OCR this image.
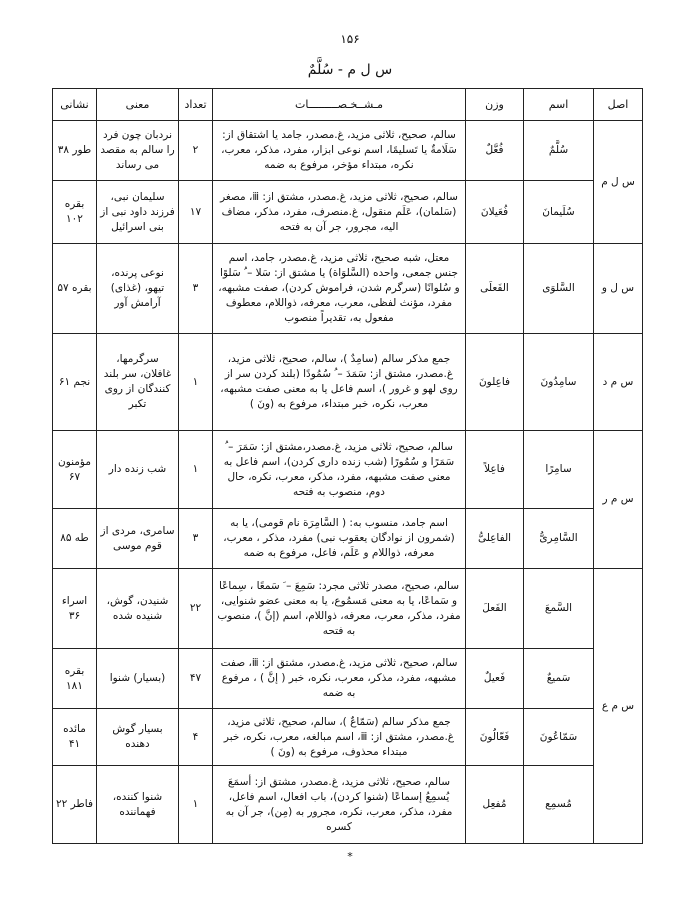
۱۵۶
س ل م - سُلَّمٌ
اصل	اسم	وزن	مـشــخـصـــــــــات	تعداد	معنی	نشانی
س ل م	سُلَّمٌ	فُعَّلٌ	سالم، صحیح، ثلاثی مزید، غ.مصدر، جامد یا اشتقاق از: سَلَامةٌ یا تَسلیمًا، اسم نوعی ابزار، مفرد، مذکر، معرب، نکره، مبتداء مؤخر، مرفوع به ضمه	۲	نردبان چون فرد را سالم به مقصد می رساند	طور ۳۸
	سُلَیمانَ	فُعَیلانَ	سالم، صحیح، ثلاثی مزید، غ.مصدر، مشتق از: ⅲ، مصغر (سَلمان)، عَلَم منقول، غ.منصرف، مفرد، مذکر، مضاف الیه، مجرور، جر آن به فتحه	۱۷	سلیمان نبی، فرزند داود نبی از بنی اسرائیل	بقره ۱۰۲
س ل و	السَّلوَی	الفَعلَی	معتل، شبه صحیح، ثلاثی مزید، غ.مصدر، جامد، اسم جنس جمعی، واحده (السَّلوَاة) یا مشتق از: سَلا – ُ سَلوًا و سُلوانًا (سرگرم شدن، فراموش کردن)، صفت مشبهه، مفرد، مؤنث لفظی، معرب، معرفه، ذواللام، معطوف مفعول به، تقدیراً منصوب	۳	نوعی پرنده، تیهو، (غذای) آرامش آور	بقره ۵۷
س م د	سامِدُونَ	فاعِلونَ	جمع مذکر سالم (سامِدٌ )، سالم، صحیح، ثلاثی مزید، غ.مصدر، مشتق از: سَمَدَ – ُ سُمُودًا (بلند کردن سر از روی لهو و غرور )، اسم فاعل یا به معنی صفت مشبهه، معرب، نکره، خبر مبتداء، مرفوع به (ونَ )	۱	سرگرمها، غافلان، سر بلند کنندگان از روی تکبر	نجم ۶۱
س م ر	سامِرًا	فاعِلاً	سالم، صحیح، ثلاثی مزید، غ.مصدر،مشتق از: سَمَرَ – ُ سَمَرًا و سُمُورًا (شب زنده داری کردن)، اسم فاعل به معنی صفت مشبهه، مفرد، مذکر، معرب، نکره، حال دوم، منصوب به فتحه	۱	شب زنده دار	مؤمنون ۶۷
	السَّامِریُّ	الفاعِلیُّ	اسم جامد، منسوب به: ( السَّامِرَة نام قومی)، یا به (شمرون از نوادگان یعقوب نبی) مفرد، مذکر ، معرب، معرفه، ذواللام و عَلَم، فاعل، مرفوع به ضمه	۳	سامری، مردی از قوم موسی	طه ۸۵
س م ع	السَّمعَ	الفَعلَ	سالم، صحیح، مصدر ثلاثی مجرد: سَمِعَ – َ سَمعًا ، سِماعًا و سَماعًا، یا به معنی مَسمُوع، یا به معنی عضو شنوایی، مفرد، مذکر، معرب، معرفه، ذواللام، اسم (إنَّ )، منصوب به فتحه	۲۲	شنیدن، گوش، شنیده شده	اسراء ۳۶
	سَمیعٌ	فَعیلٌ	سالم، صحیح، ثلاثی مزید، غ.مصدر، مشتق از: ⅲ، صفت مشبهه، مفرد، مذکر، معرب، نکره، خبر ( إنَّ ) ، مرفوع به ضمه	۴۷	(بسیار) شنوا	بقره ۱۸۱
	سَمّاعُونَ	فَعّالُونَ	جمع مذکر سالم (سَمّاعٌ )، سالم، صحیح، ثلاثی مزید، غ.مصدر، مشتق از: ⅲ، اسم مبالغه، معرب، نکره، خبر مبتداء محذوف، مرفوع به (ونَ )	۴	بسیار گوش دهنده	مائده ۴۱
	مُسمِع	مُفعِل	سالم، صحیح، ثلاثی مزید، غ.مصدر، مشتق از: أسمَعَ یُسمِعُ إسماعًا (شنوا کردن)، باب افعال، اسم فاعل، مفرد، مذکر، معرب، نکره، مجرور به (مِن)، جر آن به کسره	۱	شنوا کننده، فهماننده	فاطر ۲۲
*
